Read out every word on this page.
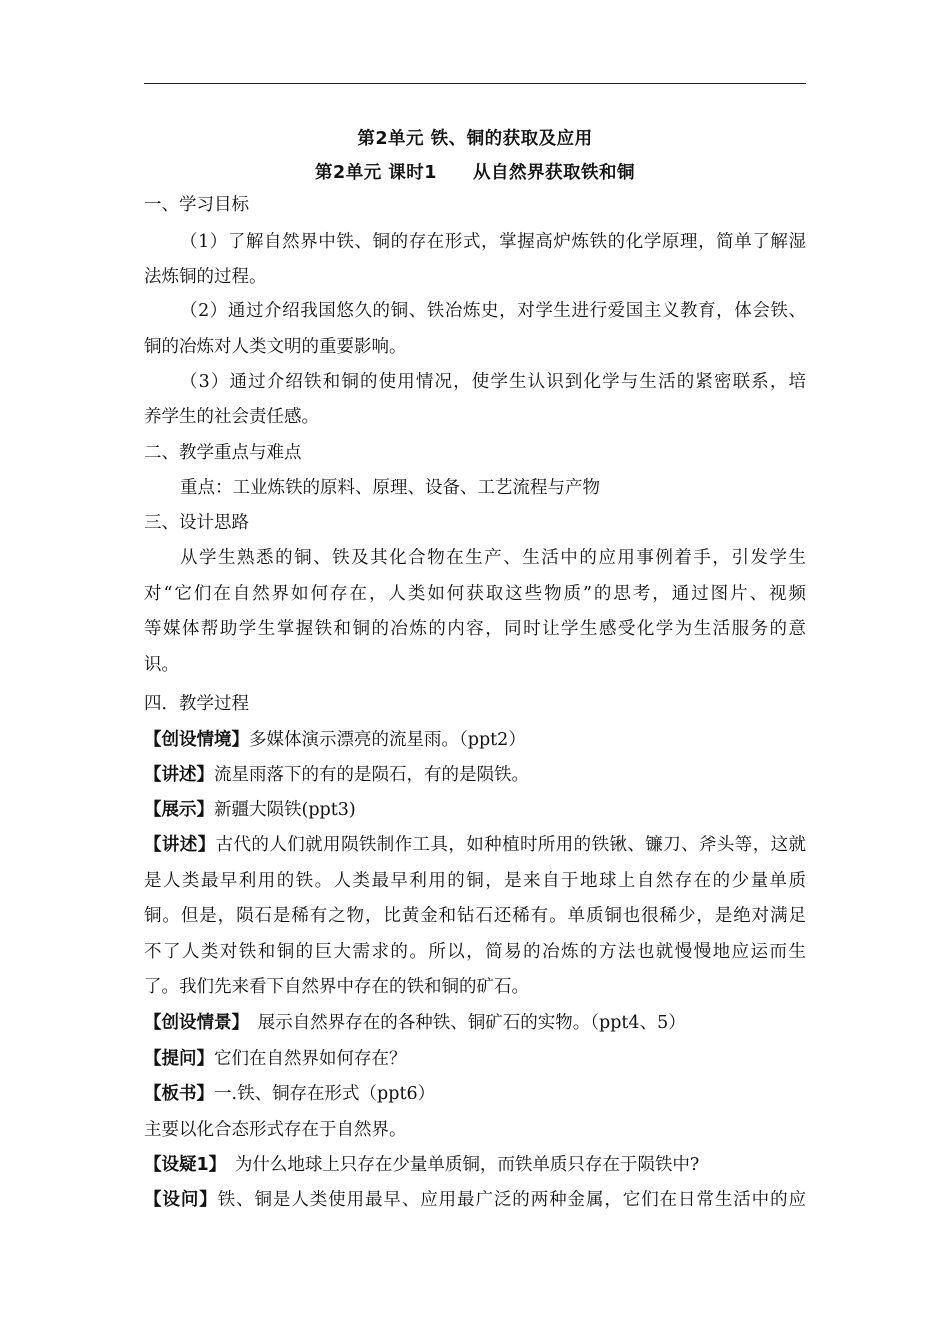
第2单元 铁、铜的获取及应用
第2单元 课时1　　从自然界获取铁和铜
一、学习目标
（1）了解自然界中铁、铜的存在形式，掌握高炉炼铁的化学原理，简单了解湿
法炼铜的过程。
（2）通过介绍我国悠久的铜、铁冶炼史，对学生进行爱国主义教育，体会铁、
铜的冶炼对人类文明的重要影响。
（3）通过介绍铁和铜的使用情况，使学生认识到化学与生活的紧密联系，培
养学生的社会责任感。
二、教学重点与难点
重点：工业炼铁的原料、原理、设备、工艺流程与产物
三、设计思路
从学生熟悉的铜、铁及其化合物在生产、生活中的应用事例着手，引发学生
对“它们在自然界如何存在，人类如何获取这些物质”的思考，通过图片、视频
等媒体帮助学生掌握铁和铜的冶炼的内容，同时让学生感受化学为生活服务的意
识。
四．教学过程
【创设情境】多媒体演示漂亮的流星雨。（ppt2）
【讲述】流星雨落下的有的是陨石，有的是陨铁。
【展示】新疆大陨铁(ppt3)
【讲述】古代的人们就用陨铁制作工具，如种植时所用的铁锹、镰刀、斧头等，这就
是人类最早利用的铁。人类最早利用的铜，是来自于地球上自然存在的少量单质
铜。但是，陨石是稀有之物，比黄金和钻石还稀有。单质铜也很稀少，是绝对满足
不了人类对铁和铜的巨大需求的。所以，简易的冶炼的方法也就慢慢地应运而生
了。我们先来看下自然界中存在的铁和铜的矿石。
【创设情景】　展示自然界存在的各种铁、铜矿石的实物。（ppt4、5）
【提问】它们在自然界如何存在？
【板书】一.铁、铜存在形式（ppt6）
主要以化合态形式存在于自然界。
【设疑1】　为什么地球上只存在少量单质铜，而铁单质只存在于陨铁中?
【设问】铁、铜是人类使用最早、应用最广泛的两种金属，它们在日常生活中的应
